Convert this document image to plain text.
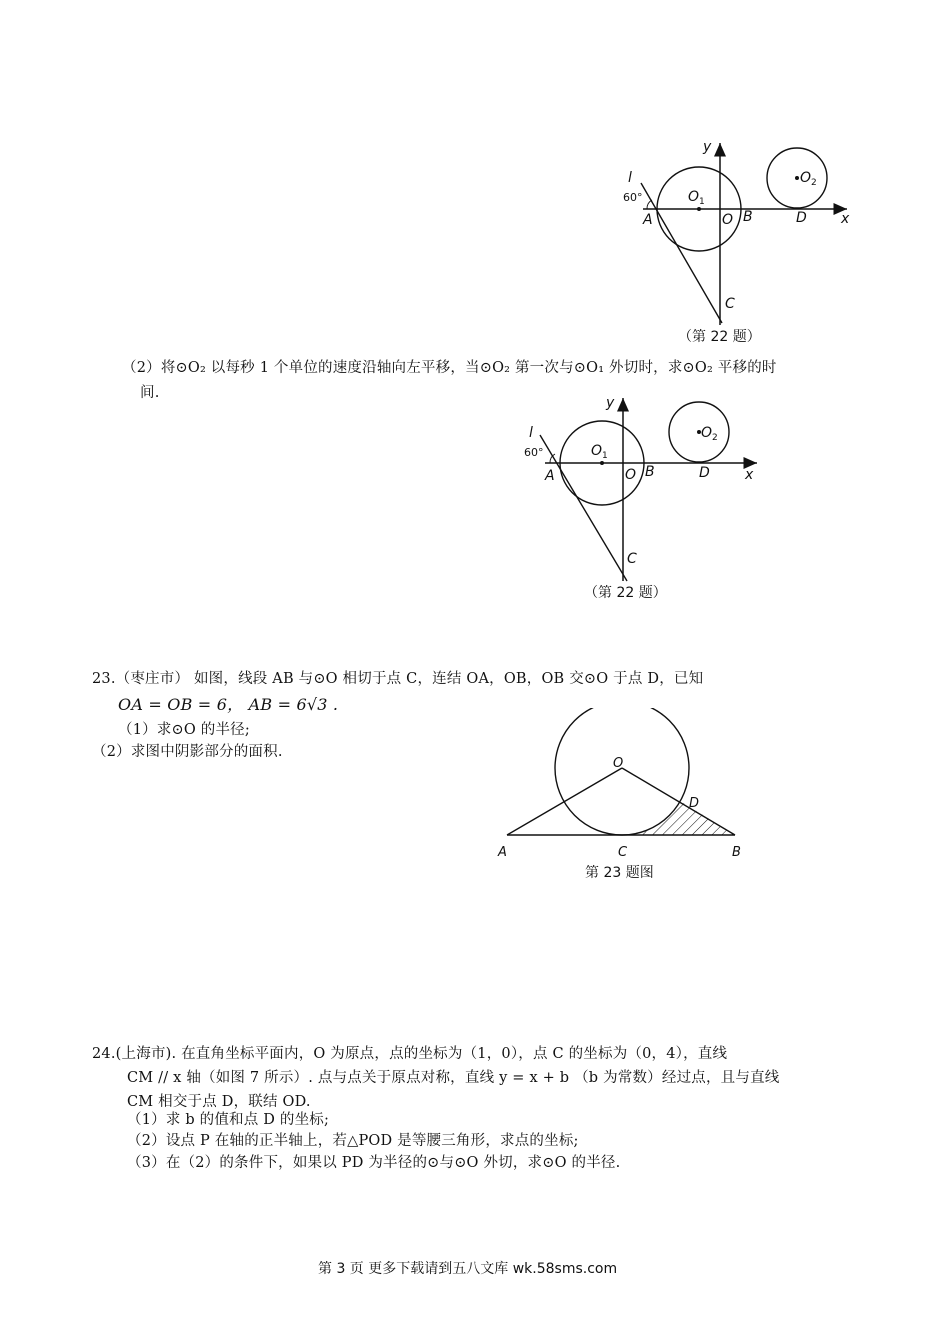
y
x
l
60°
A
$O_1$
O B	D
C
$O_2$
（第 22 题）
（2）将⊙O₂ 以每秒 1 个单位的速度沿轴向左平移，当⊙O₂ 第一次与⊙O₁ 外切时，求⊙O₂ 平移的时
间.
y
x
l
60°
A
$O_1$
O B	D
C
$O_2$
（第 22 题）
23.（枣庄市） 如图，线段 AB 与⊙O 相切于点 C，连结 OA，OB，OB 交⊙O 于点 D，已知
OA = OB = 6， AB = 6√3 .
（1）求⊙O 的半径;
（2）求图中阴影部分的面积.
O
D
A	C	B
第 23 题图
24.(上海市). 在直角坐标平面内，O 为原点，点的坐标为（1，0），点 C 的坐标为（0，4），直线
CM // x 轴（如图 7 所示）. 点与点关于原点对称，直线 y = x + b （b 为常数）经过点，且与直线
CM 相交于点 D，联结 OD.
（1）求 b 的值和点 D 的坐标;
（2）设点 P 在轴的正半轴上，若△POD 是等腰三角形，求点的坐标;
（3）在（2）的条件下，如果以 PD 为半径的⊙与⊙O 外切，求⊙O 的半径.
第 3 页 更多下载请到五八文库 wk.58sms.com
